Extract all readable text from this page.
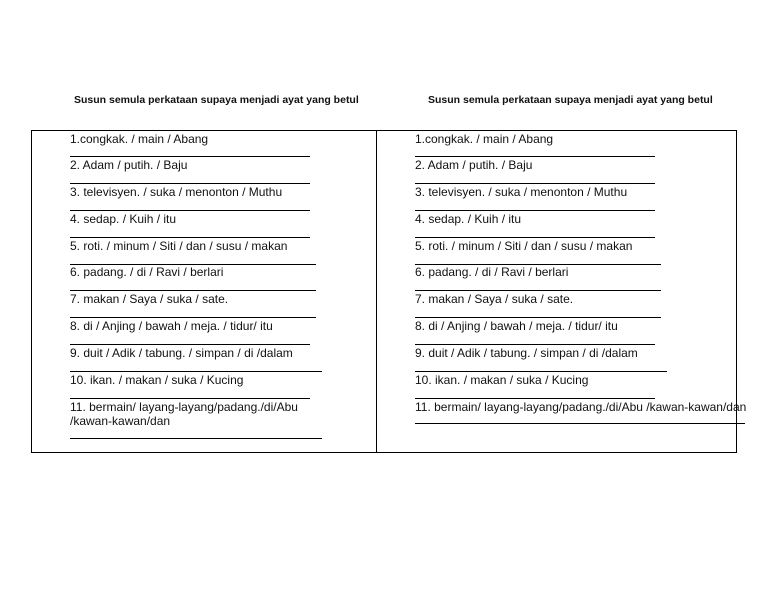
Susun semula perkataan supaya menjadi ayat yang betul	Susun semula perkataan supaya menjadi ayat yang betul
1.congkak. / main / Abang
2. Adam / putih. / Baju
3. televisyen. / suka / menonton / Muthu
4. sedap. / Kuih / itu
5. roti. / minum / Siti / dan / susu / makan
6. padang. / di / Ravi / berlari
7. makan / Saya / suka / sate.
8. di / Anjing / bawah / meja. / tidur/ itu
9. duit / Adik / tabung. / simpan / di /dalam
10. ikan. / makan / suka / Kucing
11. bermain/ layang-layang/padang./di/Abu /kawan-kawan/dan
1.congkak. / main / Abang
2. Adam / putih. / Baju
3. televisyen. / suka / menonton / Muthu
4. sedap. / Kuih / itu
5. roti. / minum / Siti / dan / susu / makan
6. padang. / di / Ravi / berlari
7. makan / Saya / suka / sate.
8. di / Anjing / bawah / meja. / tidur/ itu
9. duit / Adik / tabung. / simpan / di /dalam
10. ikan. / makan / suka / Kucing
11. bermain/ layang-layang/padang./di/Abu /kawan-kawan/dan
